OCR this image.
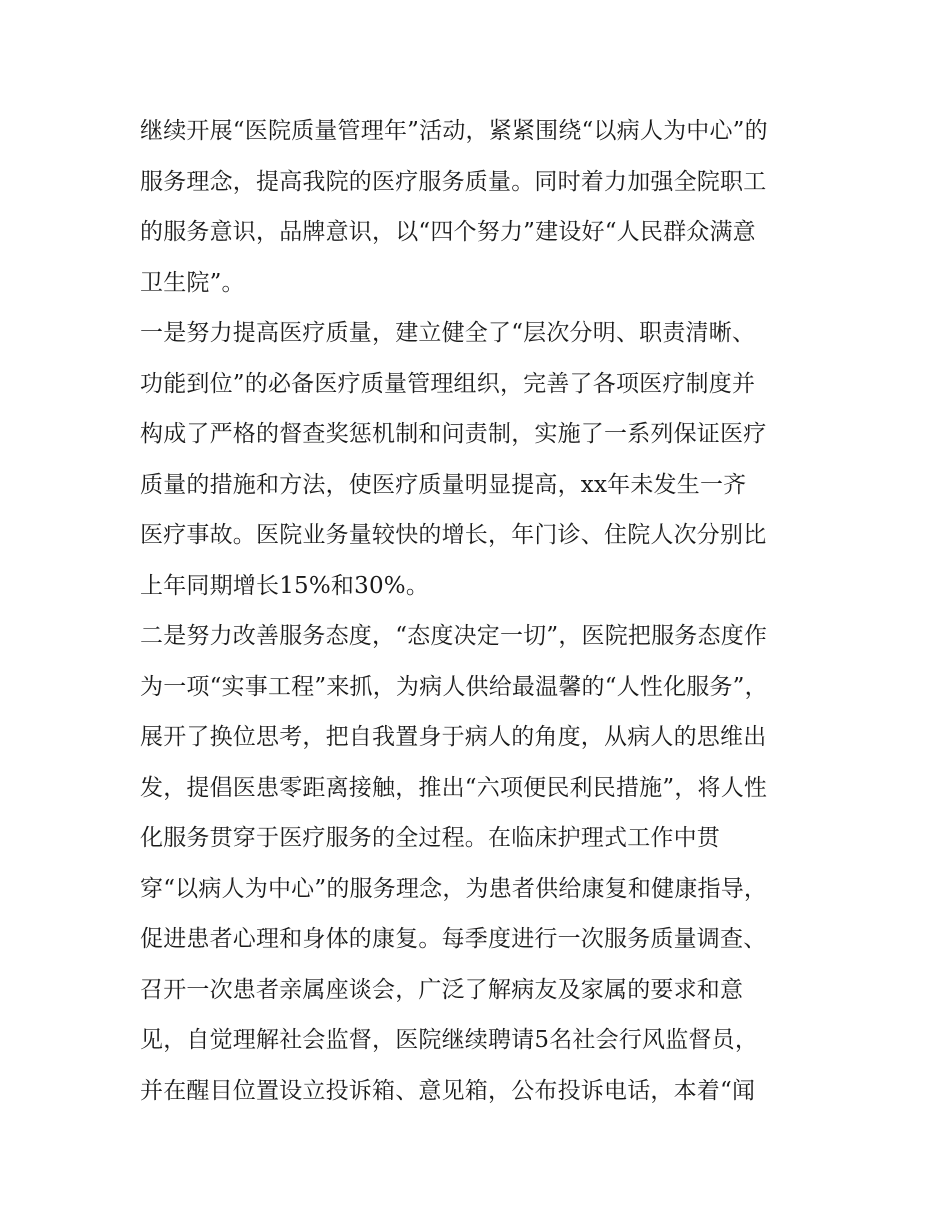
继续开展“医院质量管理年”活动，紧紧围绕“以病人为中心”的
服务理念，提高我院的医疗服务质量。同时着力加强全院职工
的服务意识，品牌意识，以“四个努力”建设好“人民群众满意
卫生院”。
一是努力提高医疗质量，建立健全了“层次分明、职责清晰、
功能到位”的必备医疗质量管理组织，完善了各项医疗制度并
构成了严格的督查奖惩机制和问责制，实施了一系列保证医疗
质量的措施和方法，使医疗质量明显提高，xx年未发生一齐
医疗事故。医院业务量较快的增长，年门诊、住院人次分别比
上年同期增长15%和30%。
二是努力改善服务态度，“态度决定一切”，医院把服务态度作
为一项“实事工程”来抓，为病人供给最温馨的“人性化服务”，
展开了换位思考，把自我置身于病人的角度，从病人的思维出
发，提倡医患零距离接触，推出“六项便民利民措施”，将人性
化服务贯穿于医疗服务的全过程。在临床护理式工作中贯
穿“以病人为中心”的服务理念，为患者供给康复和健康指导，
促进患者心理和身体的康复。每季度进行一次服务质量调查、
召开一次患者亲属座谈会，广泛了解病友及家属的要求和意
见，自觉理解社会监督，医院继续聘请5名社会行风监督员，
并在醒目位置设立投诉箱、意见箱，公布投诉电话，本着“闻
